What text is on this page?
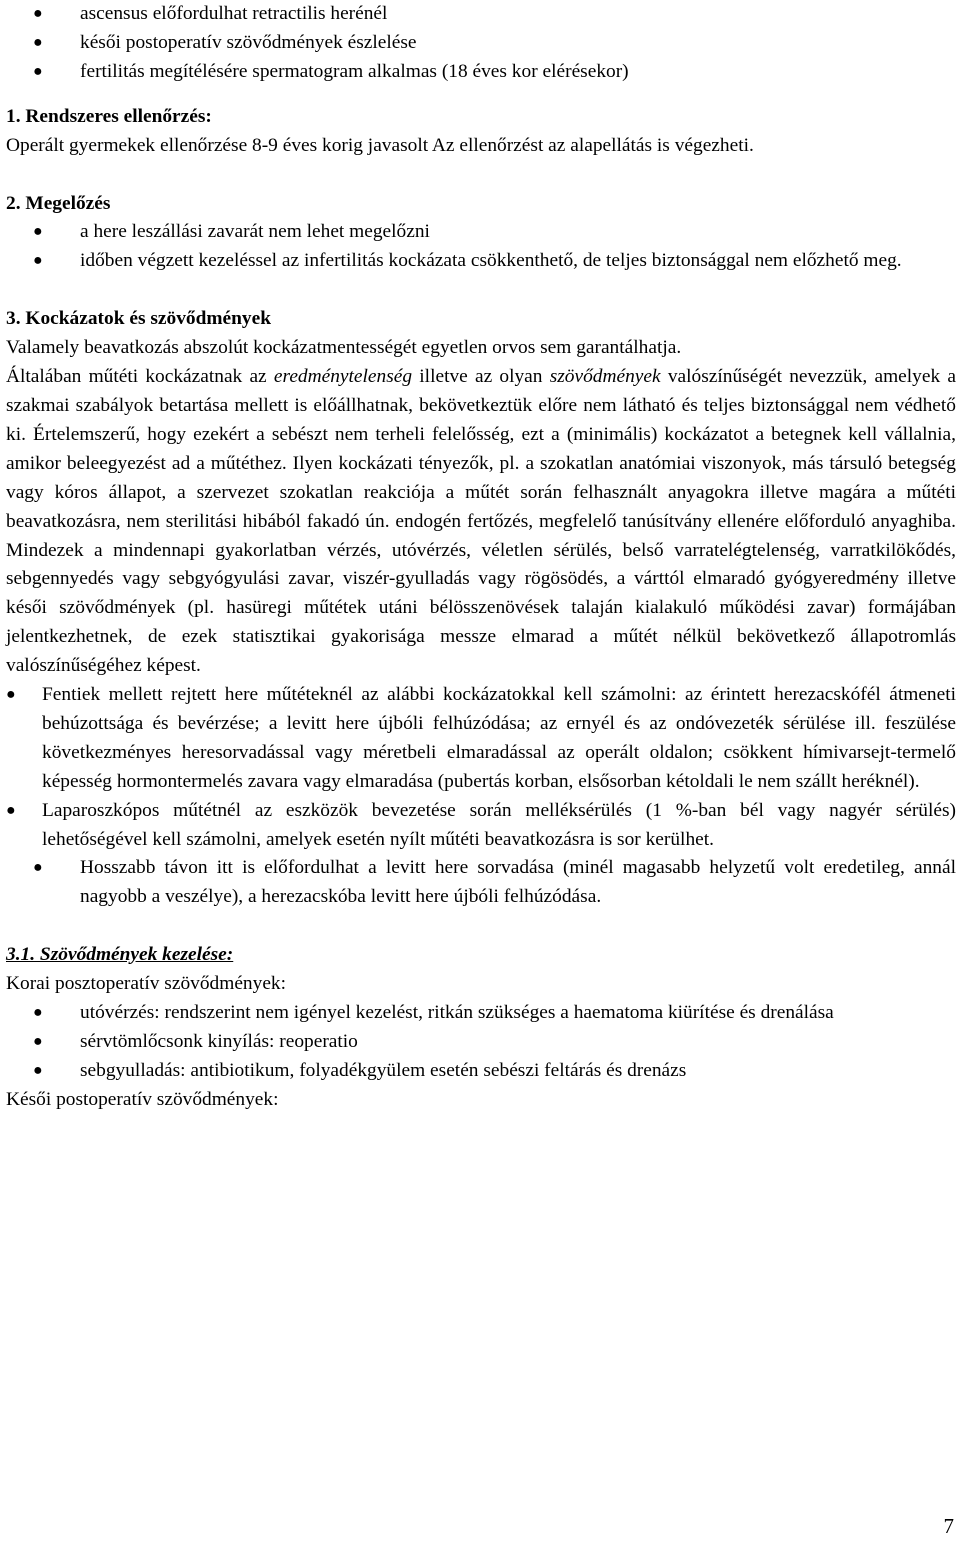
● ascensus előfordulhat retractilis herénél
● késői postoperatív szövődmények észlelése
● fertilitás megítélésére spermatogram alkalmas (18 éves kor elérésekor)

1. Rendszeres ellenőrzés:

Operált gyermekek ellenőrzése 8-9 éves korig javasolt Az ellenőrzést az alapellátás is végezheti.

2. Megelőzés

● a here leszállási zavarát nem lehet megelőzni
● időben végzett kezeléssel az infertilitás kockázata csökkenthető, de teljes biztonsággal nem előzhető meg.

3. Kockázatok és szövődmények

Valamely beavatkozás abszolút kockázatmentességét egyetlen orvos sem garantálhatja.

Általában műtéti kockázatnak az eredménytelenség illetve az olyan szövődmények valószínűségét nevezzük, amelyek a szakmai szabályok betartása mellett is előállhatnak, bekövetkeztük előre nem látható és teljes biztonsággal nem védhető ki. Értelemszerű, hogy ezekért a sebészt nem terheli felelősség, ezt a (minimális) kockázatot a betegnek kell vállalnia, amikor beleegyezést ad a műtéthez. Ilyen kockázati tényezők, pl. a szokatlan anatómiai viszonyok, más társuló betegség vagy kóros állapot, a szervezet szokatlan reakciója a műtét során felhasznált anyagokra illetve magára a műtéti beavatkozásra, nem sterilitási hibából fakadó ún. endogén fertőzés, megfelelő tanúsítvány ellenére előforduló anyaghiba. Mindezek a mindennapi gyakorlatban vérzés, utóvérzés, véletlen sérülés, belső varratelégtelenség, varratkilökődés, sebgennyedés vagy sebgyógyulási zavar, viszér-gyulladás vagy rögösödés, a várttól elmaradó gyógyeredmény illetve késői szövődmények (pl. hasüregi műtétek utáni bélösszenövések talaján kialakuló működési zavar) formájában jelentkezhetnek, de ezek statisztikai gyakorisága messze elmarad a műtét nélkül bekövetkező állapotromlás valószínűségéhez képest.

● Fentiek mellett rejtett here műtéteknél az alábbi kockázatokkal kell számolni: az érintett herezacskófél átmeneti behúzottsága és bevérzése; a levitt here újbóli felhúzódása; az ernyél és az ondóvezeték sérülése ill. feszülése következményes heresorvadással vagy méretbeli elmaradással az operált oldalon; csökkent hímivarsejt-termelő képesség hormontermelés zavara vagy elmaradása (pubertás korban, elsősorban kétoldali le nem szállt heréknél).
● Laparoszkópos műtétnél az eszközök bevezetése során melléksérülés (1 %-ban bél vagy nagyér sérülés) lehetőségével kell számolni, amelyek esetén nyílt műtéti beavatkozásra is sor kerülhet.
● Hosszabb távon itt is előfordulhat a levitt here sorvadása (minél magasabb helyzetű volt eredetileg, annál nagyobb a veszélye), a herezacskóba levitt here újbóli felhúzódása.

3.1. Szövődmények kezelése:

Korai posztoperatív szövődmények:

● utóvérzés: rendszerint nem igényel kezelést, ritkán szükséges a haematoma kiürítése és drenálása
● sérvtömlőcsonk kinyílás: reoperatio
● sebgyulladás: antibiotikum, folyadékgyülem esetén sebészi feltárás és drenázs

Késői postoperatív szövődmények:

7
